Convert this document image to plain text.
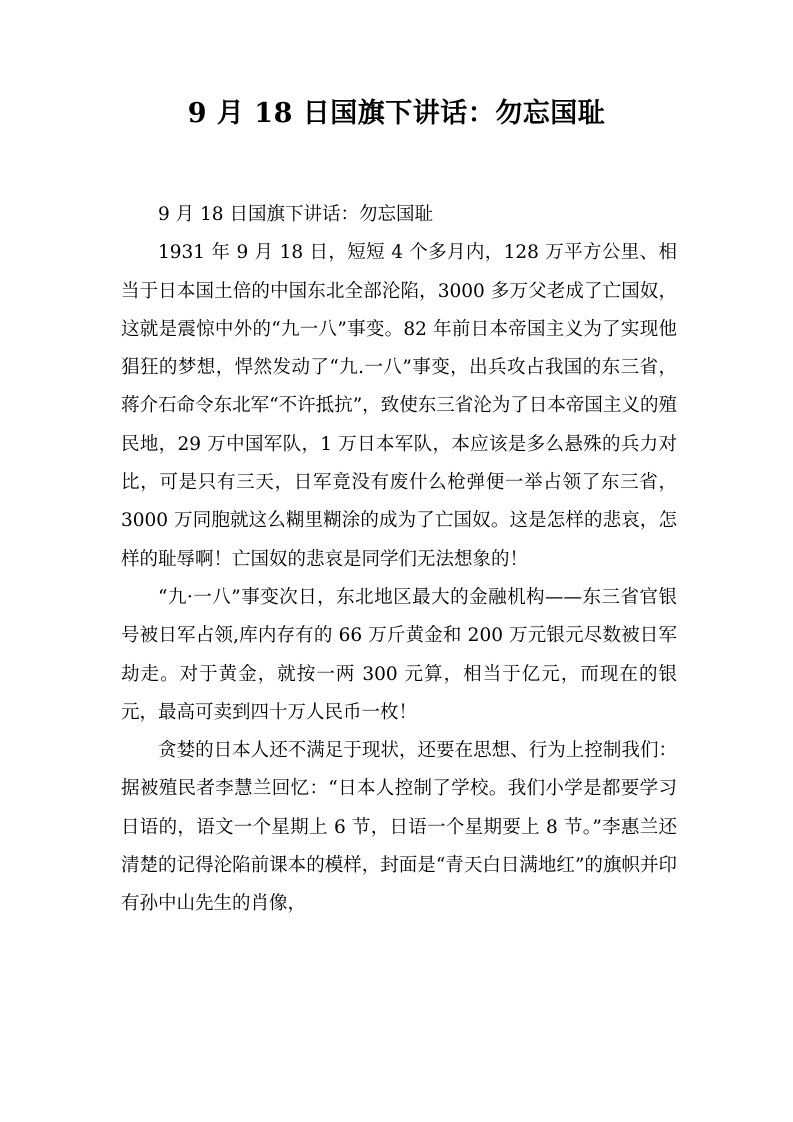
9 月 18 日国旗下讲话：勿忘国耻

9 月 18 日国旗下讲话：勿忘国耻

1931 年 9 月 18 日，短短 4 个多月内，128 万平方公里、相当于日本国土倍的中国东北全部沦陷，3000 多万父老成了亡国奴，这就是震惊中外的“九一八”事变。82 年前日本帝国主义为了实现他猖狂的梦想，悍然发动了“九.一八”事变，出兵攻占我国的东三省，蒋介石命令东北军“不许抵抗”，致使东三省沦为了日本帝国主义的殖民地，29 万中国军队，1 万日本军队，本应该是多么悬殊的兵力对比，可是只有三天，日军竟没有废什么枪弹便一举占领了东三省，3000 万同胞就这么糊里糊涂的成为了亡国奴。这是怎样的悲哀，怎样的耻辱啊！亡国奴的悲哀是同学们无法想象的！

“九·一八”事变次日，东北地区最大的金融机构——东三省官银号被日军占领,库内存有的 66 万斤黄金和 200 万元银元尽数被日军劫走。对于黄金，就按一两 300 元算，相当于亿元，而现在的银元，最高可卖到四十万人民币一枚！

贪婪的日本人还不满足于现状，还要在思想、行为上控制我们：据被殖民者李慧兰回忆：“日本人控制了学校。我们小学是都要学习日语的，语文一个星期上 6 节，日语一个星期要上 8 节。”李惠兰还清楚的记得沦陷前课本的模样，封面是“青天白日满地红”的旗帜并印有孙中山先生的肖像，
